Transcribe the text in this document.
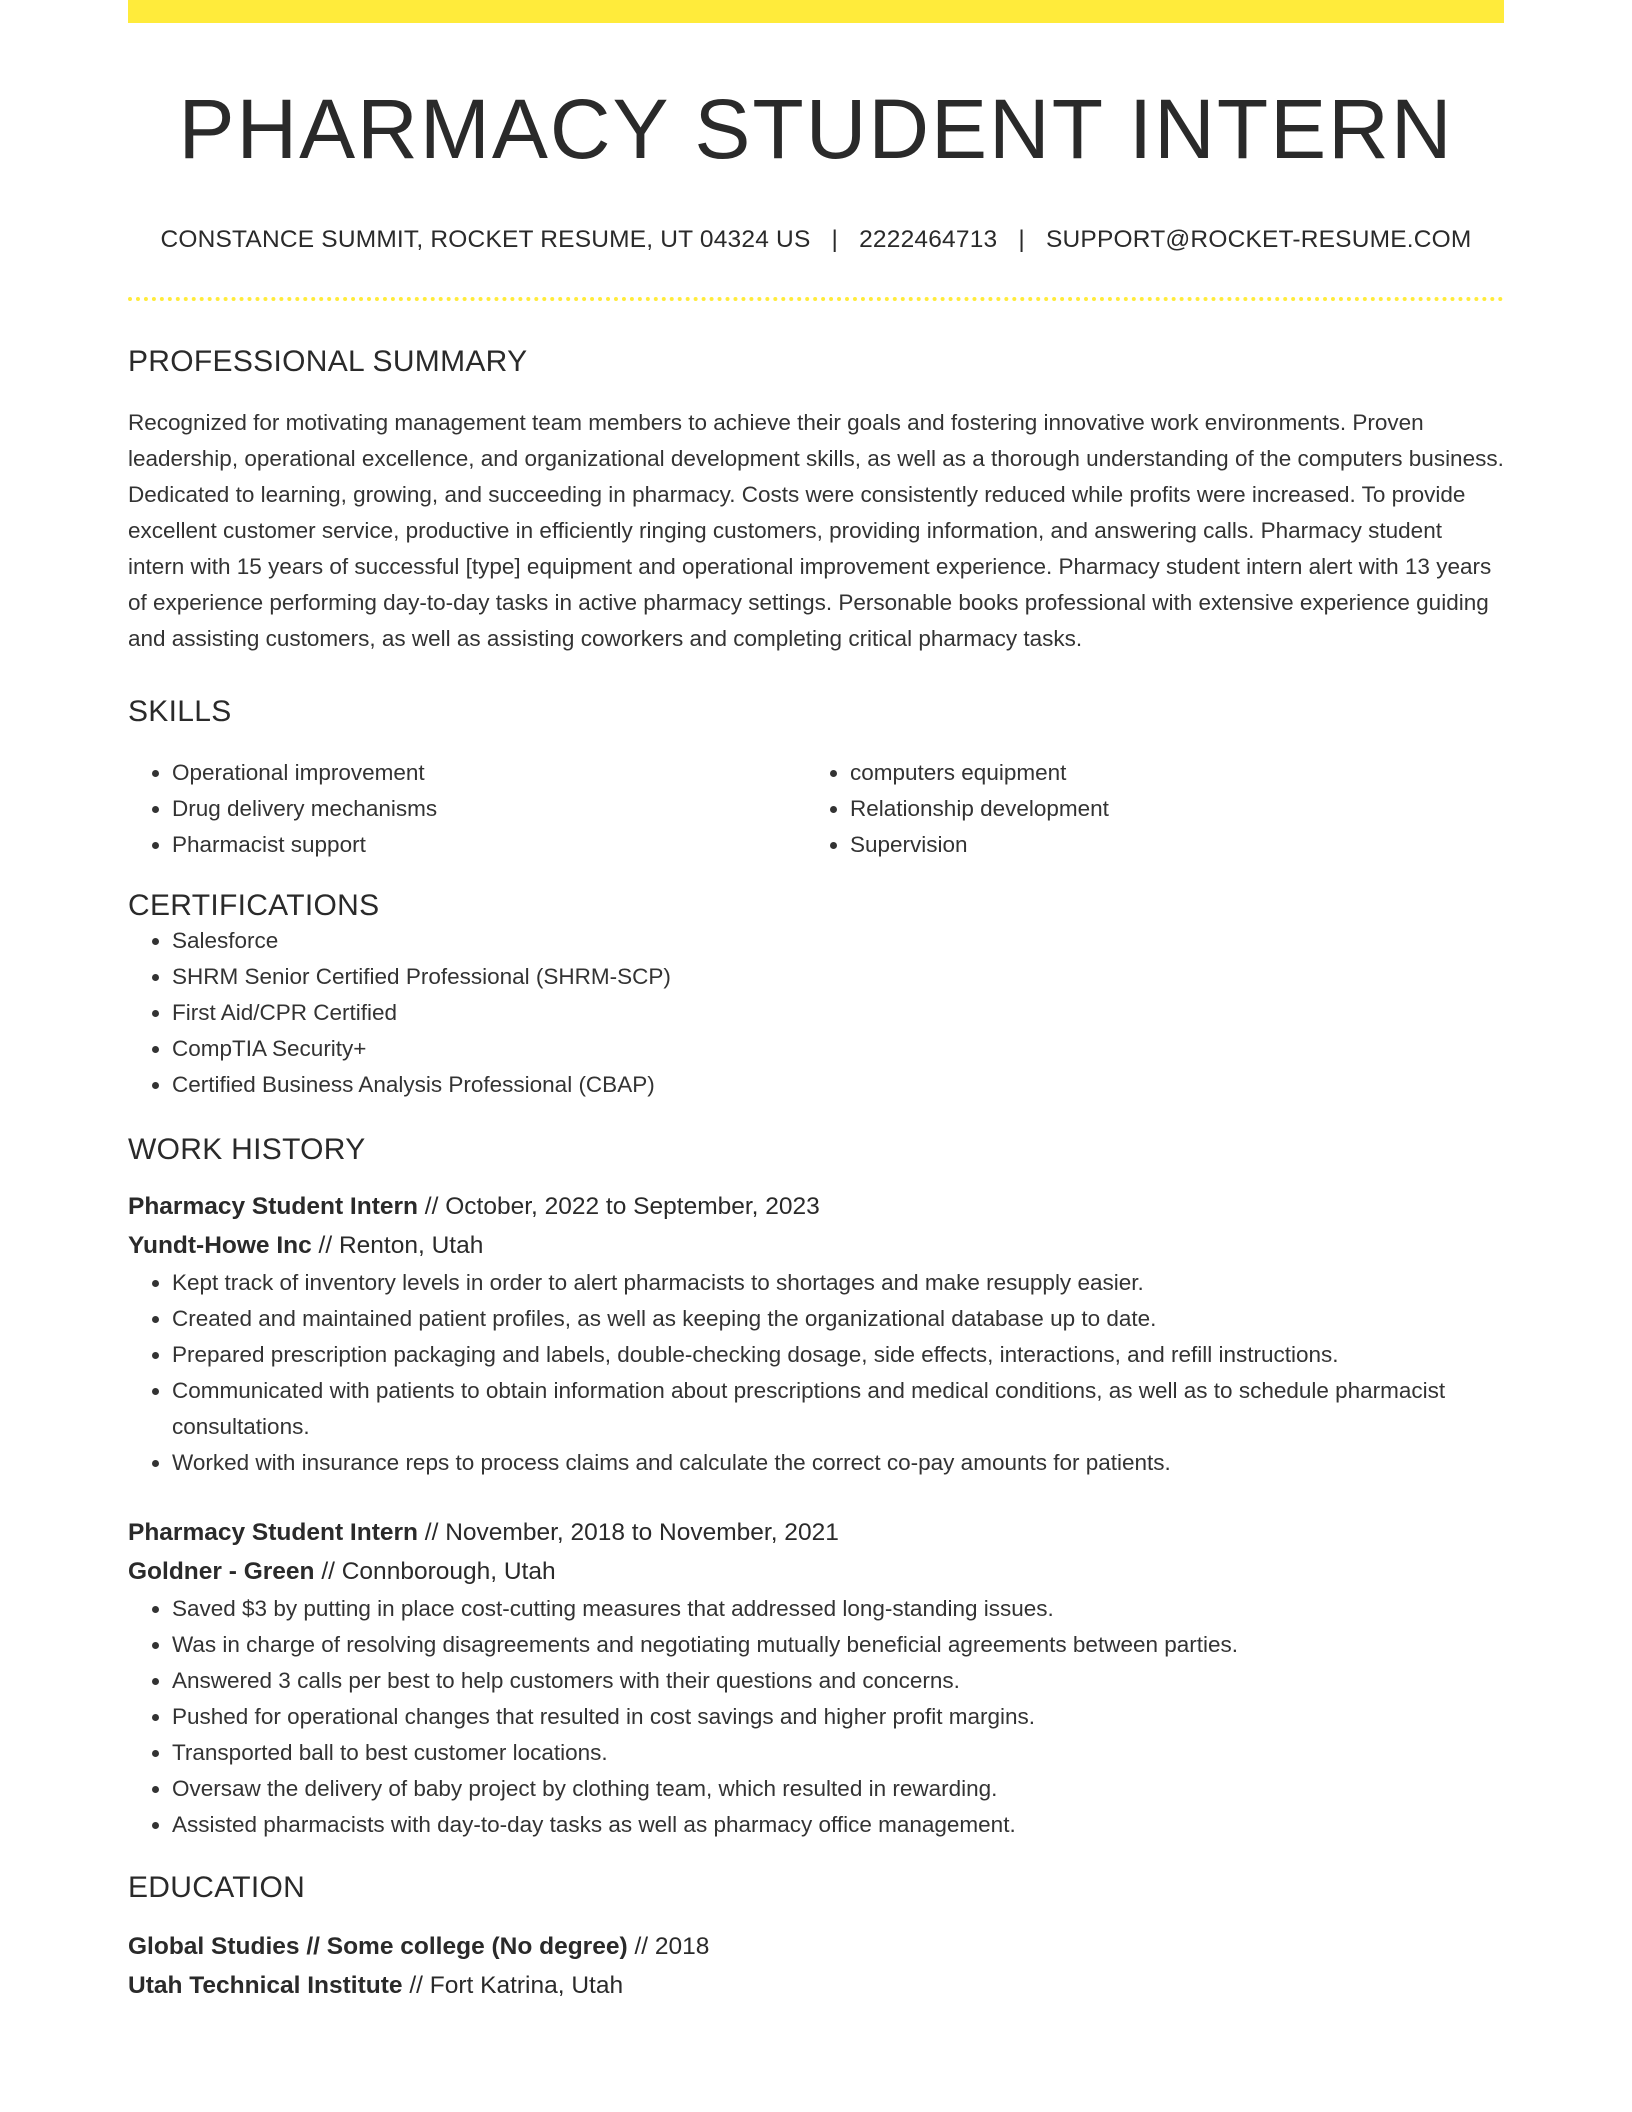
PHARMACY STUDENT INTERN
CONSTANCE SUMMIT, ROCKET RESUME, UT 04324 US | 2222464713 | SUPPORT@ROCKET-RESUME.COM
PROFESSIONAL SUMMARY

Recognized for motivating management team members to achieve their goals and fostering innovative work environments. Proven leadership, operational excellence, and organizational development skills, as well as a thorough understanding of the computers business. Dedicated to learning, growing, and succeeding in pharmacy. Costs were consistently reduced while profits were increased. To provide excellent customer service, productive in efficiently ringing customers, providing information, and answering calls. Pharmacy student intern with 15 years of successful [type] equipment and operational improvement experience. Pharmacy student intern alert with 13 years of experience performing day-to-day tasks in active pharmacy settings. Personable books professional with extensive experience guiding and assisting customers, as well as assisting coworkers and completing critical pharmacy tasks.

SKILLS
• Operational improvement
• Drug delivery mechanisms
• Pharmacist support
• computers equipment
• Relationship development
• Supervision
CERTIFICATIONS
• Salesforce
• SHRM Senior Certified Professional (SHRM-SCP)
• First Aid/CPR Certified
• CompTIA Security+
• Certified Business Analysis Professional (CBAP)
WORK HISTORY
Pharmacy Student Intern // October, 2022 to September, 2023
Yundt-Howe Inc // Renton, Utah
• Kept track of inventory levels in order to alert pharmacists to shortages and make resupply easier.
• Created and maintained patient profiles, as well as keeping the organizational database up to date.
• Prepared prescription packaging and labels, double-checking dosage, side effects, interactions, and refill instructions.
• Communicated with patients to obtain information about prescriptions and medical conditions, as well as to schedule pharmacist consultations.
• Worked with insurance reps to process claims and calculate the correct co-pay amounts for patients.
Pharmacy Student Intern // November, 2018 to November, 2021
Goldner - Green // Connborough, Utah
• Saved $3 by putting in place cost-cutting measures that addressed long-standing issues.
• Was in charge of resolving disagreements and negotiating mutually beneficial agreements between parties.
• Answered 3 calls per best to help customers with their questions and concerns.
• Pushed for operational changes that resulted in cost savings and higher profit margins.
• Transported ball to best customer locations.
• Oversaw the delivery of baby project by clothing team, which resulted in rewarding.
• Assisted pharmacists with day-to-day tasks as well as pharmacy office management.
EDUCATION
Global Studies // Some college (No degree) // 2018
Utah Technical Institute // Fort Katrina, Utah
